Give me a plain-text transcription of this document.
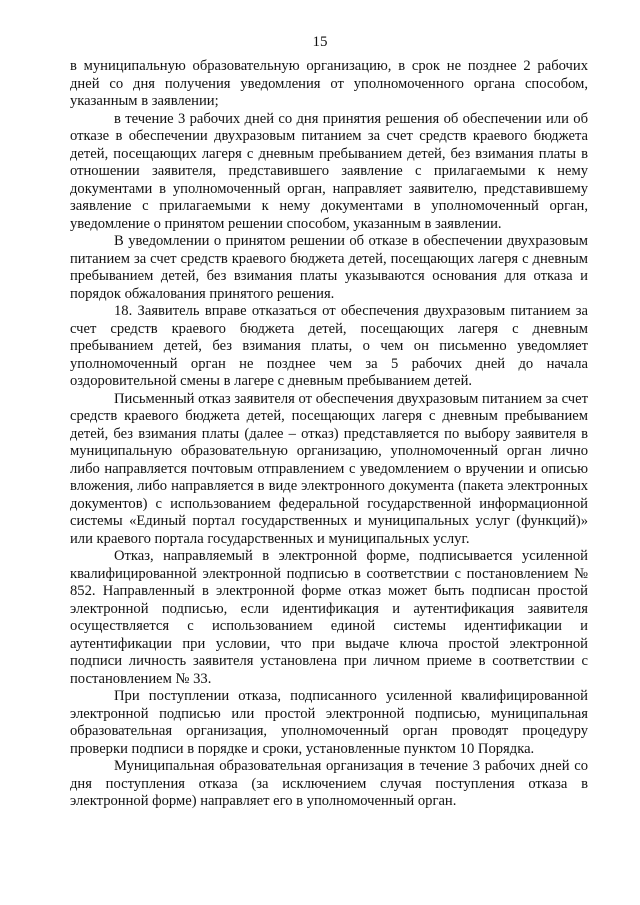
15

в муниципальную образовательную организацию, в срок не позднее 2 рабочих дней со дня получения уведомления от уполномоченного органа способом, указанным в заявлении;

в течение 3 рабочих дней со дня принятия решения об обеспечении или об отказе в обеспечении двухразовым питанием за счет средств краевого бюджета детей, посещающих лагеря с дневным пребыванием детей, без взимания платы в отношении заявителя, представившего заявление с прилагаемыми к нему документами в уполномоченный орган, направляет заявителю, представившему заявление с прилагаемыми к нему документами в уполномоченный орган, уведомление о принятом решении способом, указанным в заявлении.

В уведомлении о принятом решении об отказе в обеспечении двухразовым питанием за счет средств краевого бюджета детей, посещающих лагеря с дневным пребыванием детей, без взимания платы указываются основания для отказа и порядок обжалования принятого решения.

18. Заявитель вправе отказаться от обеспечения двухразовым питанием за счет средств краевого бюджета детей, посещающих лагеря с дневным пребыванием детей, без взимания платы, о чем он письменно уведомляет уполномоченный орган не позднее чем за 5 рабочих дней до начала оздоровительной смены в лагере с дневным пребыванием детей.

Письменный отказ заявителя от обеспечения двухразовым питанием за счет средств краевого бюджета детей, посещающих лагеря с дневным пребыванием детей, без взимания платы (далее – отказ) представляется по выбору заявителя в муниципальную образовательную организацию, уполномоченный орган лично либо направляется почтовым отправлением с уведомлением о вручении и описью вложения, либо направляется в виде электронного документа (пакета электронных документов) с использованием федеральной государственной информационной системы «Единый портал государственных и муниципальных услуг (функций)» или краевого портала государственных и муниципальных услуг.

Отказ, направляемый в электронной форме, подписывается усиленной квалифицированной электронной подписью в соответствии с постановлением № 852. Направленный в электронной форме отказ может быть подписан простой электронной подписью, если идентификация и аутентификация заявителя осуществляется с использованием единой системы идентификации и аутентификации при условии, что при выдаче ключа простой электронной подписи личность заявителя установлена при личном приеме в соответствии с постановлением № 33.

При поступлении отказа, подписанного усиленной квалифицированной электронной подписью или простой электронной подписью, муниципальная образовательная организация, уполномоченный орган проводят процедуру проверки подписи в порядке и сроки, установленные пунктом 10 Порядка.

Муниципальная образовательная организация в течение 3 рабочих дней со дня поступления отказа (за исключением случая поступления отказа в электронной форме) направляет его в уполномоченный орган.
